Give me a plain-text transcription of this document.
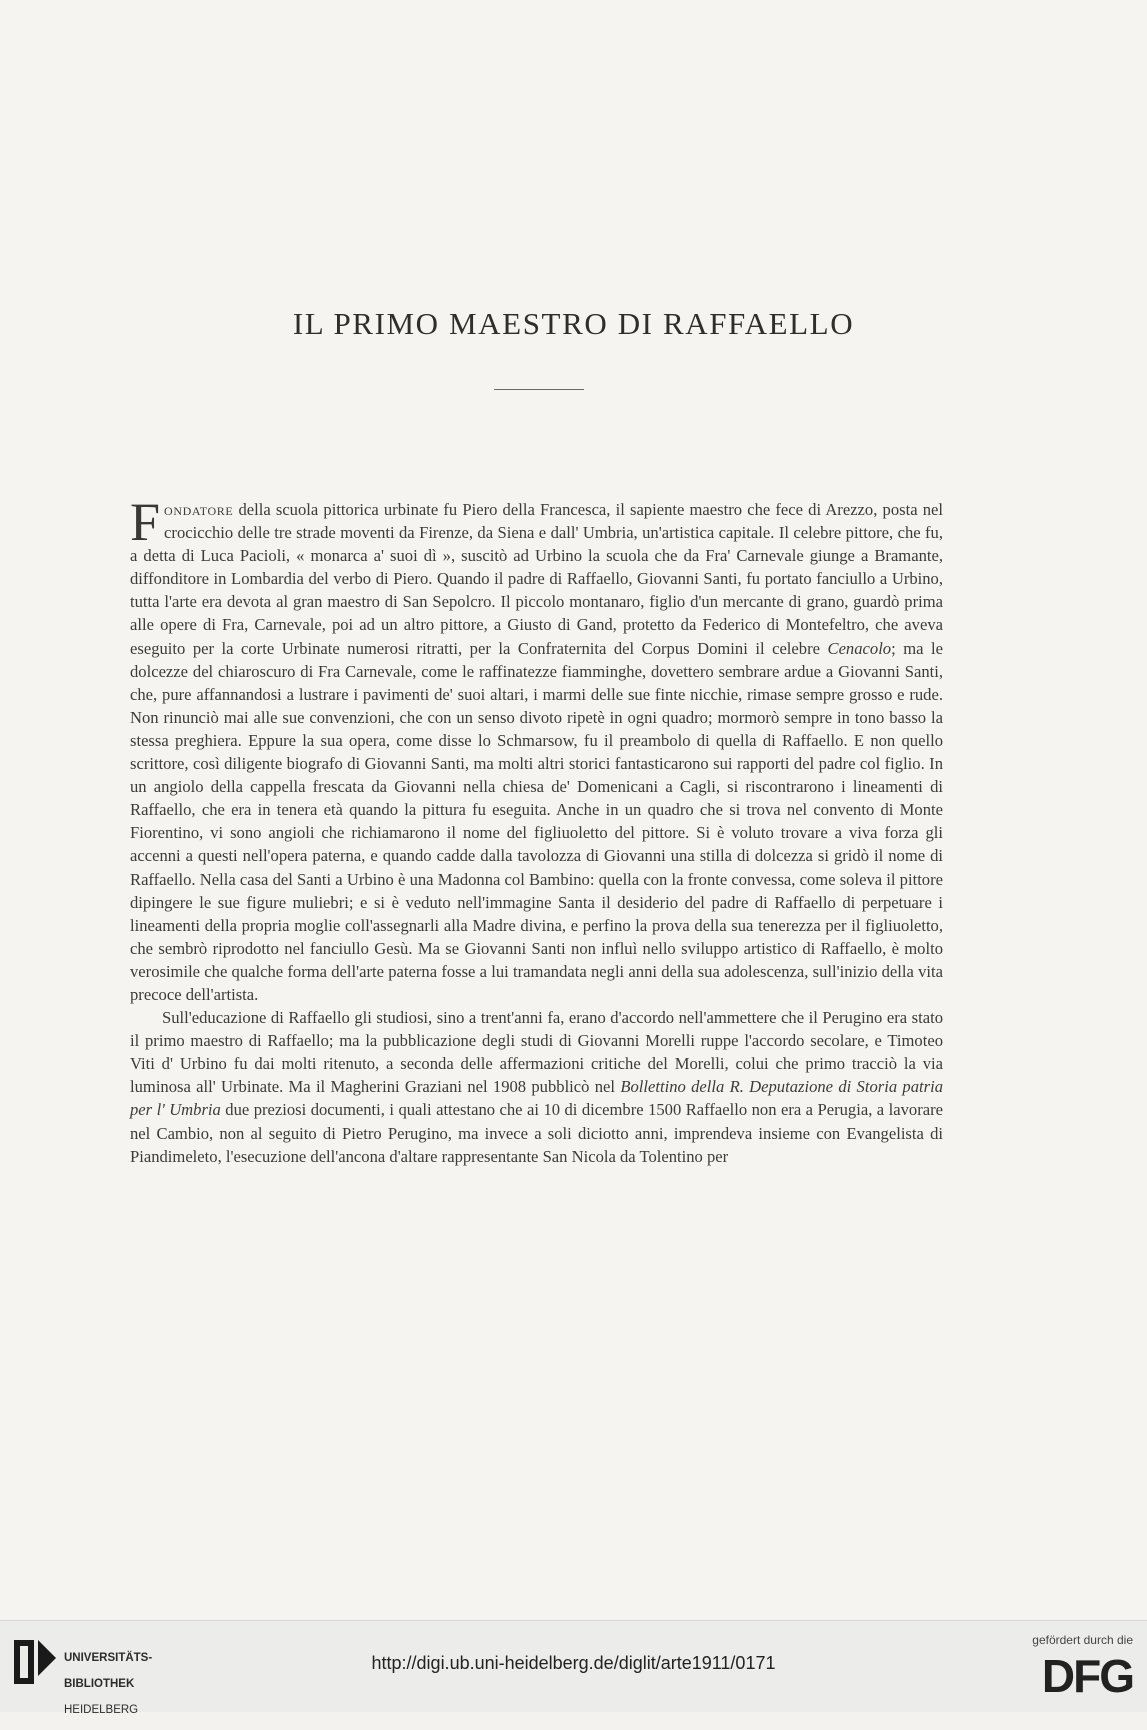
IL PRIMO MAESTRO DI RAFFAELLO

Fondatore della scuola pittorica urbinate fu Piero della Francesca, il sapiente maestro che fece di Arezzo, posta nel crocicchio delle tre strade moventi da Firenze, da Siena e dall' Umbria, un'artistica capitale. Il celebre pittore, che fu, a detta di Luca Pacioli, « monarca a' suoi dì », suscitò ad Urbino la scuola che da Fra' Carnevale giunge a Bramante, diffonditore in Lombardia del verbo di Piero. Quando il padre di Raffaello, Giovanni Santi, fu portato fanciullo a Urbino, tutta l'arte era devota al gran maestro di San Sepolcro. Il piccolo montanaro, figlio d'un mercante di grano, guardò prima alle opere di Fra, Carnevale, poi ad un altro pittore, a Giusto di Gand, protetto da Federico di Montefeltro, che aveva eseguito per la corte Urbinate numerosi ritratti, per la Confraternita del Corpus Domini il celebre Cenacolo; ma le dolcezze del chiaroscuro di Fra Carnevale, come le raffinatezze fiamminghe, dovettero sembrare ardue a Giovanni Santi, che, pure affannandosi a lustrare i pavimenti de' suoi altari, i marmi delle sue finte nicchie, rimase sempre grosso e rude. Non rinunciò mai alle sue convenzioni, che con un senso divoto ripetè in ogni quadro; mormorò sempre in tono basso la stessa preghiera. Eppure la sua opera, come disse lo Schmarsow, fu il preambolo di quella di Raffaello. E non quello scrittore, così diligente biografo di Giovanni Santi, ma molti altri storici fantasticarono sui rapporti del padre col figlio. In un angiolo della cappella frescata da Giovanni nella chiesa de' Domenicani a Cagli, si riscontrarono i lineamenti di Raffaello, che era in tenera età quando la pittura fu eseguita. Anche in un quadro che si trova nel convento di Monte Fiorentino, vi sono angioli che richiamarono il nome del figliuoletto del pittore. Si è voluto trovare a viva forza gli accenni a questi nell'opera paterna, e quando cadde dalla tavolozza di Giovanni una stilla di dolcezza si gridò il nome di Raffaello. Nella casa del Santi a Urbino è una Madonna col Bambino: quella con la fronte convessa, come soleva il pittore dipingere le sue figure muliebri; e si è veduto nell'immagine Santa il desiderio del padre di Raffaello di perpetuare i lineamenti della propria moglie coll'assegnarli alla Madre divina, e perfino la prova della sua tenerezza per il figliuoletto, che sembrò riprodotto nel fanciullo Gesù. Ma se Giovanni Santi non influì nello sviluppo artistico di Raffaello, è molto verosimile che qualche forma dell'arte paterna fosse a lui tramandata negli anni della sua adolescenza, sull'inizio della vita precoce dell'artista.

Sull'educazione di Raffaello gli studiosi, sino a trent'anni fa, erano d'accordo nell'ammettere che il Perugino era stato il primo maestro di Raffaello; ma la pubblicazione degli studi di Giovanni Morelli ruppe l'accordo secolare, e Timoteo Viti d' Urbino fu dai molti ritenuto, a seconda delle affermazioni critiche del Morelli, colui che primo tracciò la via luminosa all' Urbinate. Ma il Magherini Graziani nel 1908 pubblicò nel Bollettino della R. Deputazione di Storia patria per l' Umbria due preziosi documenti, i quali attestano che ai 10 di dicembre 1500 Raffaello non era a Perugia, a lavorare nel Cambio, non al seguito di Pietro Perugino, ma invece a soli diciotto anni, imprendeva insieme con Evangelista di Piandimeleto, l'esecuzione dell'ancona d'altare rappresentante San Nicola da Tolentino per

UNIVERSITÄTS-

BIBLIOTHEK

HEIDELBERG

http://digi.ub.uni-heidelberg.de/diglit/arte1911/0171
gefördert durch die
DFG
